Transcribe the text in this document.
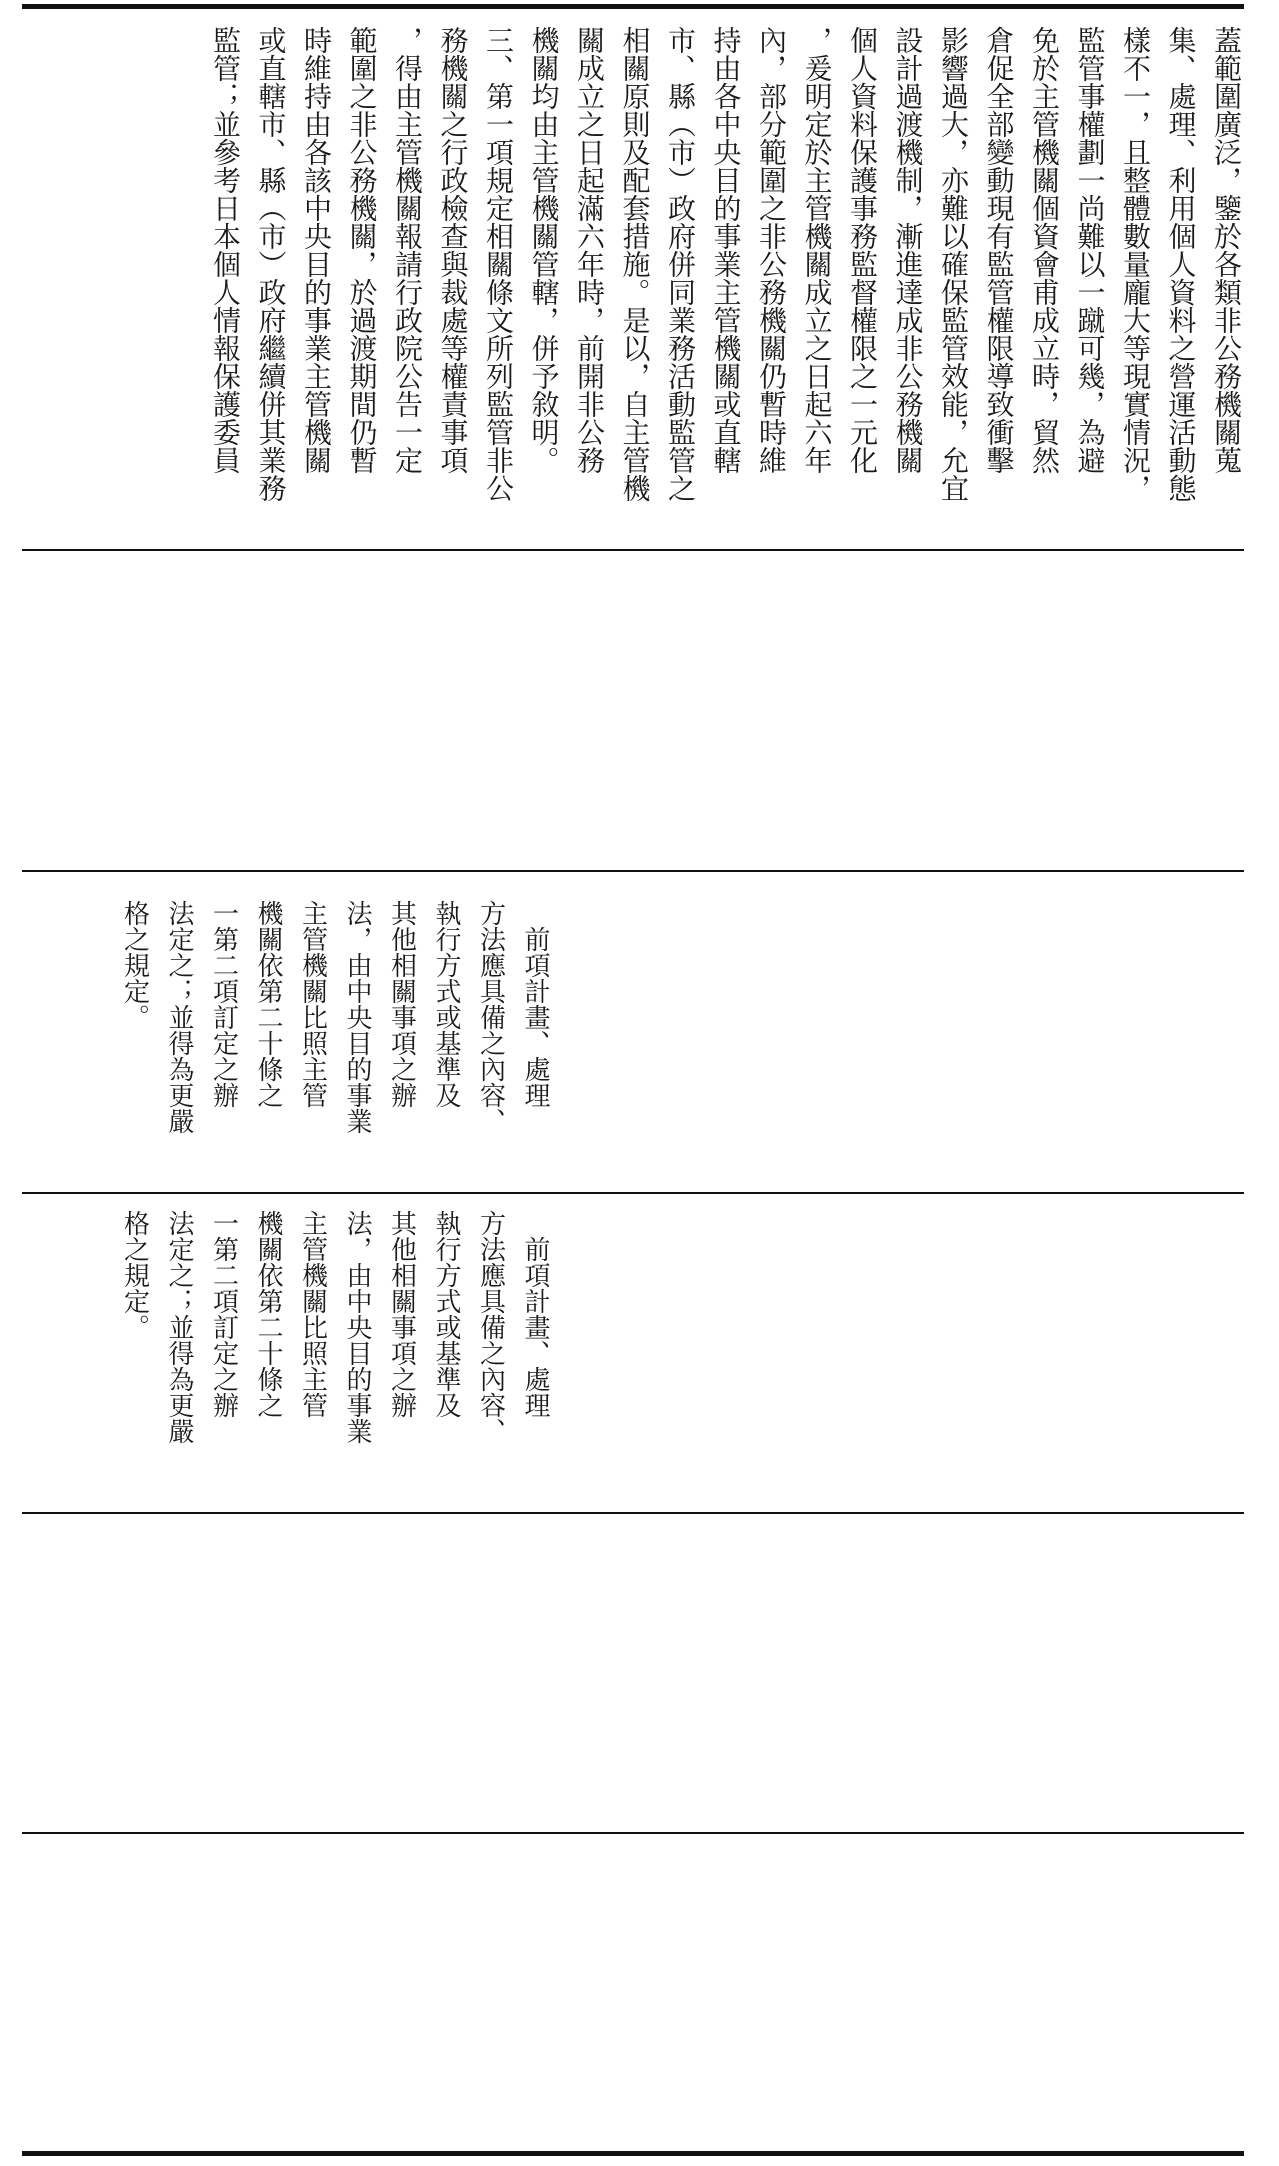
蓋範圍廣泛，鑒於各類非公務機關蒐
集、處理、利用個人資料之營運活動態
樣不一，且整體數量龐大等現實情況，
監管事權劃一尚難以一蹴可幾，為避
免於主管機關個資會甫成立時，貿然
倉促全部變動現有監管權限導致衝擊
影響過大，亦難以確保監管效能，允宜
設計過渡機制，漸進達成非公務機關
個人資料保護事務監督權限之一元化
，爰明定於主管機關成立之日起六年
內，部分範圍之非公務機關仍暫時維
持由各中央目的事業主管機關或直轄
市、縣（市）政府併同業務活動監管之
相關原則及配套措施。是以，自主管機
關成立之日起滿六年時，前開非公務
機關均由主管機關管轄，併予敘明。
三、第一項規定相關條文所列監管非公
務機關之行政檢查與裁處等權責事項
，得由主管機關報請行政院公告一定
範圍之非公務機關，於過渡期間仍暫
時維持由各該中央目的事業主管機關
或直轄市、縣（市）政府繼續併其業務
監管；並參考日本個人情報保護委員
　前項計畫、處理
方法應具備之內容、
執行方式或基準及
其他相關事項之辦
法，由中央目的事業
主管機關比照主管
機關依第二十條之
一第二項訂定之辦
法定之；並得為更嚴
格之規定。
　前項計畫、處理
方法應具備之內容、
執行方式或基準及
其他相關事項之辦
法，由中央目的事業
主管機關比照主管
機關依第二十條之
一第二項訂定之辦
法定之；並得為更嚴
格之規定。
